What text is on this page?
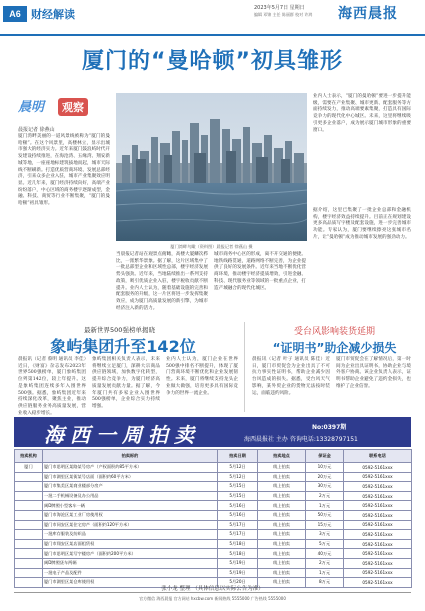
A6 财经解读	2023年5月7日 星期日
编辑 邓锦 主任 陈丽群 校对 许鸿 海西晨报
厦门的“曼哈顿”初具雏形
晨明	观察
晨报记者 徐燕山
厦门湾畔美丽的一道风景线被称为“厦门的曼哈顿”。在这个风景里，高楼林立，显示出城市强大的经济实力。近年来厦门鼓浪屿时代开发建设持续推进，在海沧湾、五缘湾、翔安新城等地，一座座地标建筑拔地而起，城市天际线不断刷新。打造优质营商环境、发展总部经济，引来众多企业入驻，城市产业集聚效应明显。近几年来，厦门经济持续向好，高端产业纷纷落户，中心区域的商务楼宇逐渐成型，金融、科技、商贸等行业不断集聚，“厦门的曼哈顿”初具雏形。
当晨报记者站在观景点俯瞰，高楼大厦鳞次栉比，一派繁华景象。据了解，这片区域集中了一批总部型企业和区域性总部，楼宇经济发展势头强劲。近年来，当地陆续推出一系列支持政策，吸引优质企业入驻，楼宇税收贡献不断提升。业内人士认为，随着基础设施的完善和配套服务的升级，这一片区将进一步发挥集聚效应，成为厦门高质量发展的新引擎，为城市经济注入新的活力。
城市商务中心区的形成，离不开交通的便捷。地铁线路贯通，道路网络不断完善，为企业提供了良好的发展条件。近年来当地不断优化营商环境，推动楼宇经济提质增效，引进金融、科技、现代服务业等领域的一批重点企业，打造产城融合的现代化城区。
业内人士表示，“厦门的曼哈顿”要进一步提升能级，需要在产业集聚、城市更新、配套服务等方面持续发力，推动高端要素集聚，打造具有国际竞争力的现代化中心城区。未来，这里将继续吸引更多企业落户，成为展示厦门城市形象的重要窗口。
据介绍，这里已集聚了一批企业总部和金融机构，楼宇经济效益持续提升。目前正在规划建设更多高品质写字楼及配套设施，进一步完善城市功能。专家认为，厦门要继续擦亮这张城市名片，让“曼哈顿”成为推动城市发展的强劲动力。
厦门湾畔鸟瞰（资料图）晨报记者 徐燕山 摄
最新世界500强榜单揭晓
象屿集团升至142位
晨报讯（记者 蔡明 通讯员 李佳）近日，《财富》杂志发布2023年世界500强榜单，厦门象屿集团位列第142位，较上年提升。这是象屿集团连续多年入围世界500强。据悉，象屿集团近年来持续深化改革，聚焦主业，推动供应链服务业务高质量发展，营业收入稳步增长。
象屿集团相关负责人表示，未来将继续立足厦门，深耕大宗商品供应链领域，加快数字化转型，提升综合竞争力，为厦门经济高质量发展贡献力量。据了解，今年厦门共有多家企业入围世界500强榜单，企业综合实力持续增强。
业内人士认为，厦门企业在世界500强中排名不断提升，体现了厦门营商环境不断优化和企业发展韧性。未来，厦门将继续支持龙头企业做大做强，培育更多具有国际竞争力的世界一流企业。
受台风影响装货延期
“证明书”助企减少损失
晨报讯（记者 叶子 通讯员 陈佳）近日，厦门市贸促会为企业出具了不可抗力事实性证明书，帮助企业减少因台风造成的损失。据悉，受台风天气影响，某外贸企业的货物无法按时装运，面临违约风险。
厦门市贸促会在了解情况后，第一时间为企业出具证明书，协助企业与境外客户协商。该企业负责人表示，证明书帮助企业避免了违约金损失，也维护了企业信誉。
海西一周拍卖	No:0397期
海西晨报社 主办 咨询电话:13328797151
拍卖机构	拍卖标的	拍卖日期	拍卖地点	保证金	联系电话
厦门	厦门市思明区某路某号房产（产权面积约85平方米）	5月12日	线上拍卖	10万元	0592-5161xxx
	厦门市湖里区某街某号店面（面积约60平方米）	5月12日	线上拍卖	20万元	0592-5161xxx
	厦门市集美区某商业楼部分房产	5月15日	线上拍卖	30万元	0592-5161xxx
	一批二手机械设备及办公用品	5月15日	线上拍卖	2万元	0592-5161xxx
	闽D牌照小型客车一辆	5月16日	线上拍卖	1万元	0592-5161xxx
	厦门市海沧区某工业厂房使用权	5月16日	线上拍卖	50万元	0592-5161xxx
	厦门市同安区某住宅房产（面积约120平方米）	5月17日	线上拍卖	15万元	0592-5161xxx
	一批库存服装及纺织品	5月17日	线上拍卖	3万元	0592-5161xxx
	厦门市翔安区某店面租赁权	5月18日	线上拍卖	5万元	0592-5161xxx
	厦门市思明区某写字楼房产（面积约200平方米）	5月18日	线上拍卖	40万元	0592-5161xxx
	闽D牌照货车两辆	5月19日	线上拍卖	2万元	0592-5161xxx
	一批电子产品及配件	5月19日	线上拍卖	1万元	0592-5161xxx
	厦门市湖里区某仓库使用权	5月20日	线上拍卖	8万元	0592-5161xxx
张小龙 整理 （具体信息以实际公告为准）
官方微信 海西晨报 官方网站 hxcbw.com 新闻热线 5555000 广告热线 5555000
